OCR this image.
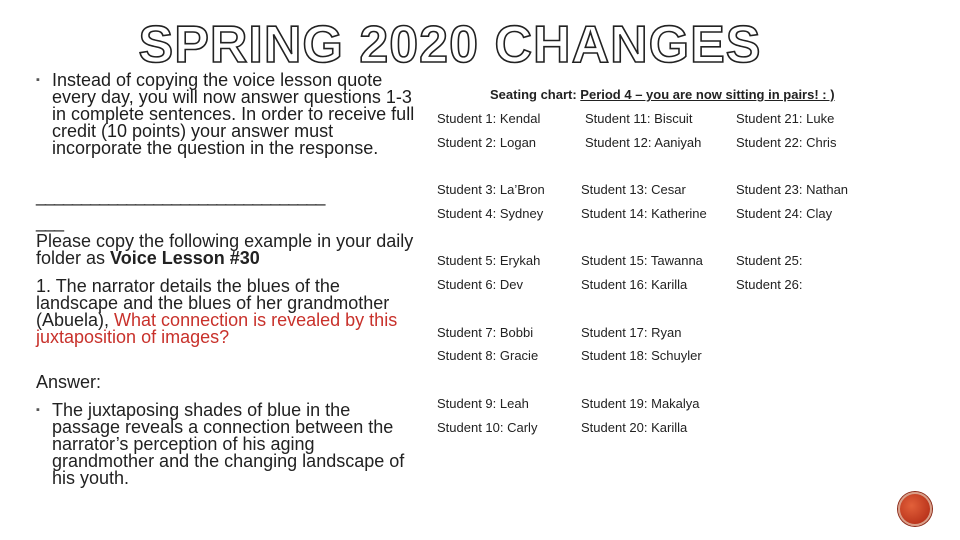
SPRING 2020 CHANGES

▪ Instead of copying the voice lesson quote every day, you will now answer questions 1-3 in complete sentences. In order to receive full credit (10 points) your answer must incorporate the question in the response.

________________________________
___
Please copy the following example in your daily folder as Voice Lesson #30
1. The narrator details the blues of the landscape and the blues of her grandmother (Abuela), What connection is revealed by this juxtaposition of images?
Answer:

▪ The juxtaposing shades of blue in the passage reveals a connection between the narrator’s perception of his aging grandmother and the changing landscape of his youth.

Seating chart: Period 4 – you are now sitting in pairs! : )
Student 1: Kendal
Student 2: Logan
Student 3: La’Bron
Student 4: Sydney
Student 5: Erykah
Student 6: Dev
Student 7: Bobbi
Student 8: Gracie
Student 9: Leah
Student 10: Carly
Student 11: Biscuit
Student 12: Aaniyah
Student 13: Cesar
Student 14: Katherine
Student 15: Tawanna
Student 16: Karilla
Student 17: Ryan
Student 18: Schuyler
Student 19: Makalya
Student 20: Karilla
Student 21: Luke
Student 22: Chris
Student 23: Nathan
Student 24: Clay
Student 25:
Student 26:
